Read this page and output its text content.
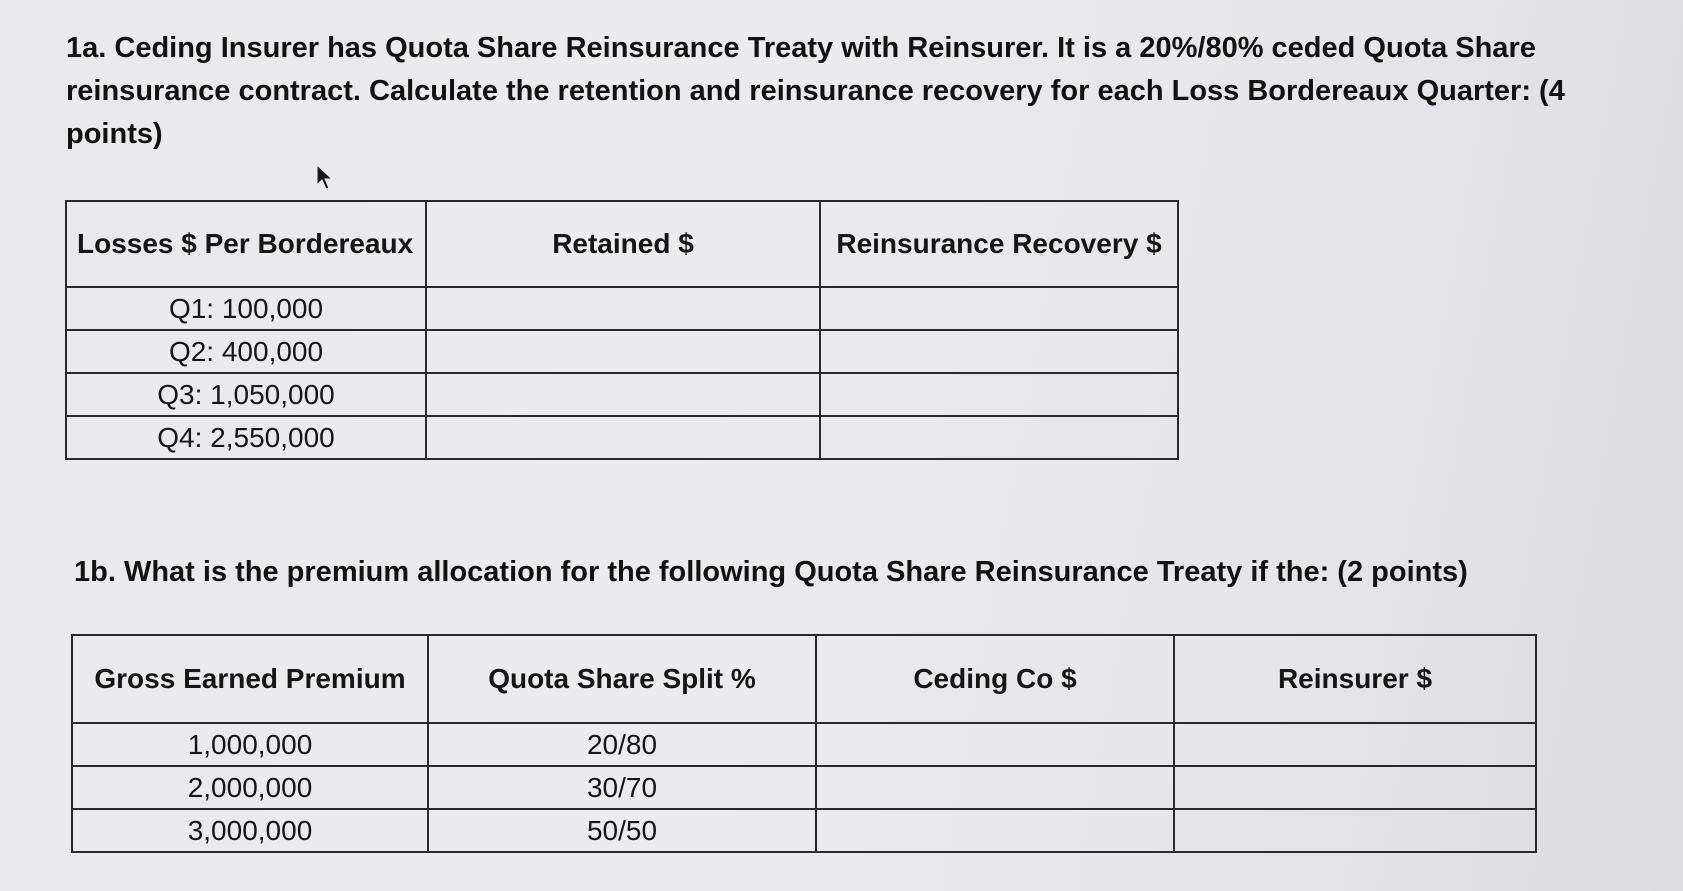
1a. Ceding Insurer has Quota Share Reinsurance Treaty with Reinsurer. It is a 20%/80% ceded Quota Share reinsurance contract. Calculate the retention and reinsurance recovery for each Loss Bordereaux Quarter: (4 points)

Losses $ Per Bordereaux	Retained $	Reinsurance Recovery $
Q1: 100,000		
Q2: 400,000		
Q3: 1,050,000		
Q4: 2,550,000		

1b. What is the premium allocation for the following Quota Share Reinsurance Treaty if the: (2 points)

Gross Earned Premium	Quota Share Split %	Ceding Co $	Reinsurer $
1,000,000	20/80		
2,000,000	30/70		
3,000,000	50/50		
